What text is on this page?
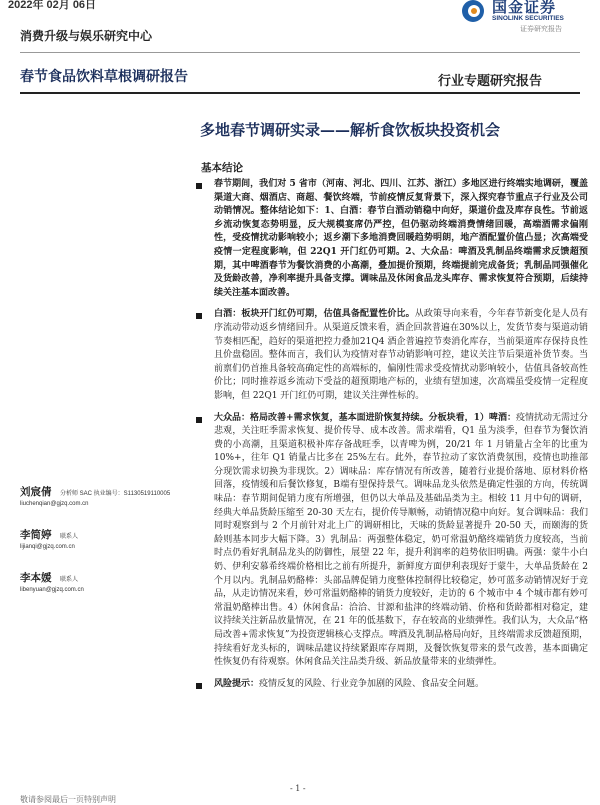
2022年 02月 06日	国金证券
SINOLINK SECURITIES
证券研究报告
消费升级与娱乐研究中心
春节食品饮料草根调研报告	行业专题研究报告
多地春节调研实录——解析食饮板块投资机会
基本结论
春节期间，我们对 5 省市（河南、河北、四川、江苏、浙江）多地区进行终端实地调研，覆盖渠道大商、烟酒店、商超、餐饮终端，节前疫情反复背景下，深入探究春节重点子行业及公司动销情况。整体结论如下：1、白酒：春节白酒动销稳中向好，渠道价盘及库存良性。节前返乡流动恢复态势明显，反大规模宴席仍严控，但仍驱动终端消费情绪回暖，高端酒需求偏刚性，受疫情扰动影响较小；返乡潮下多地消费回暖趋势明朗，地产酒配置价值凸显；次高端受疫情一定程度影响，但 22Q1 开门红仍可期。2、大众品：啤酒及乳制品终端需求反馈超预期，其中啤酒春节为餐饮消费的小高潮，叠加提价预期，终端提前完成备货；乳制品同强催化及货龄改善，净利率提升具备支撑。调味品及休闲食品龙头库存、需求恢复符合预期，后续持续关注基本面改善。
白酒：板块开门红仍可期，估值具备配置性价比。从政策导向来看，今年春节新变化是人员有序流动带动返乡情绪回升。从渠道反馈来看，酒企回款普遍在30%以上，发货节奏与渠道动销节奏相匹配，趋好的渠道把控力叠加21Q4 酒企普遍控节奏消化库存，当前渠道库存保持良性且价盘稳固。整体而言，我们认为疫情对春节动销影响可控，建议关注节后渠道补货节奏。当前禀们仍首推具备较高确定性的高端标的，偏刚性需求受疫情扰动影响较小，估值具备较高性价比；同时推荐返乡流动下受益的超预期地产标的，业绩有望加速，次高端虽受疫情一定程度影响，但 22Q1 开门红仍可期，建议关注弹性标的。
大众品：格局改善+需求恢复，基本面进阶恢复持续。分板块看，1）啤酒：疫情扰动无需过分悲观，关注旺季需求恢复、提价传导、成本改善。需求端看，Q1 虽为淡季，但春节为餐饮消费的小高潮，且渠道积极补库存备战旺季，以青啤为例，20/21 年 1 月销量占全年的比重为 10%+，往年 Q1 销量占比多在 25%左右。此外，春节拉动了家饮消费氛围，疫情也助推部分现饮需求切换为非现饮。2）调味品：库存情况有所改善，随着行业提价落地、原材料价格回落，疫情缓和后餐饮修复，B端有望保持景气。调味品龙头依然是确定性强的方向，传统调味品：春节期间促销力度有所增强，但仍以大单品及基础品类为主。相较 11 月中旬的调研，经典大单品货龄压缩至 20-30 天左右，提价传导顺畅，动销情况稳中向好。复合调味品：我们同时观察到与 2 个月前针对北上广的调研相比，天味的货龄显著提升 20-50 天，而颐海的货龄则基本同步大幅下降。3）乳制品：两强整体稳定，奶可常温奶酪终端销货力度较高，当前时点仍看好乳制品龙头的防御性，展望 22 年，提升利润率的趋势依旧明确。两强：蒙牛小白奶、伊利安慕希终端价格相比之前有所提升，新鲜度方面伊利表现好于蒙牛，大单品货龄在 2 个月以内。乳制品奶酪棒：头部品牌促销力度整体控制得比较稳定，妙可蓝多动销情况好于竞品，从走访情况来看，妙可常温奶酪棒的销货力度较好，走访的 6 个城市中 4 个城市都有妙可常温奶酪棒出售。4）休闲食品：洽洽、甘源和盐津的终端动销、价格和货龄都相对稳定，建议持续关注新品放量情况，在 21 年的低基数下，存在较高的业绩弹性。我们认为，大众品“格局改善+需求恢复”为投资逻辑核心支撑点。啤酒及乳制品格局向好，且终端需求反馈超预期，持续看好龙头标的，调味品建议持续紧跟库存周期，及餐饮恢复带来的景气改善，基本面确定性恢复仍有待观察。休闲食品关注品类升级、新品放量带来的业绩弹性。
风险提示：疫情反复的风险、行业竞争加剧的风险、食品安全问题。
刘宸倩	分析师 SAC 执业编号：S1130519110005
liuchenqian@gjzq.com.cn
李简婷	联系人
lijianqi@gjzq.com.cn
李本媛	联系人
libenyuan@gjzq.com.cn
- 1 -
敬请参阅最后一页特别声明
